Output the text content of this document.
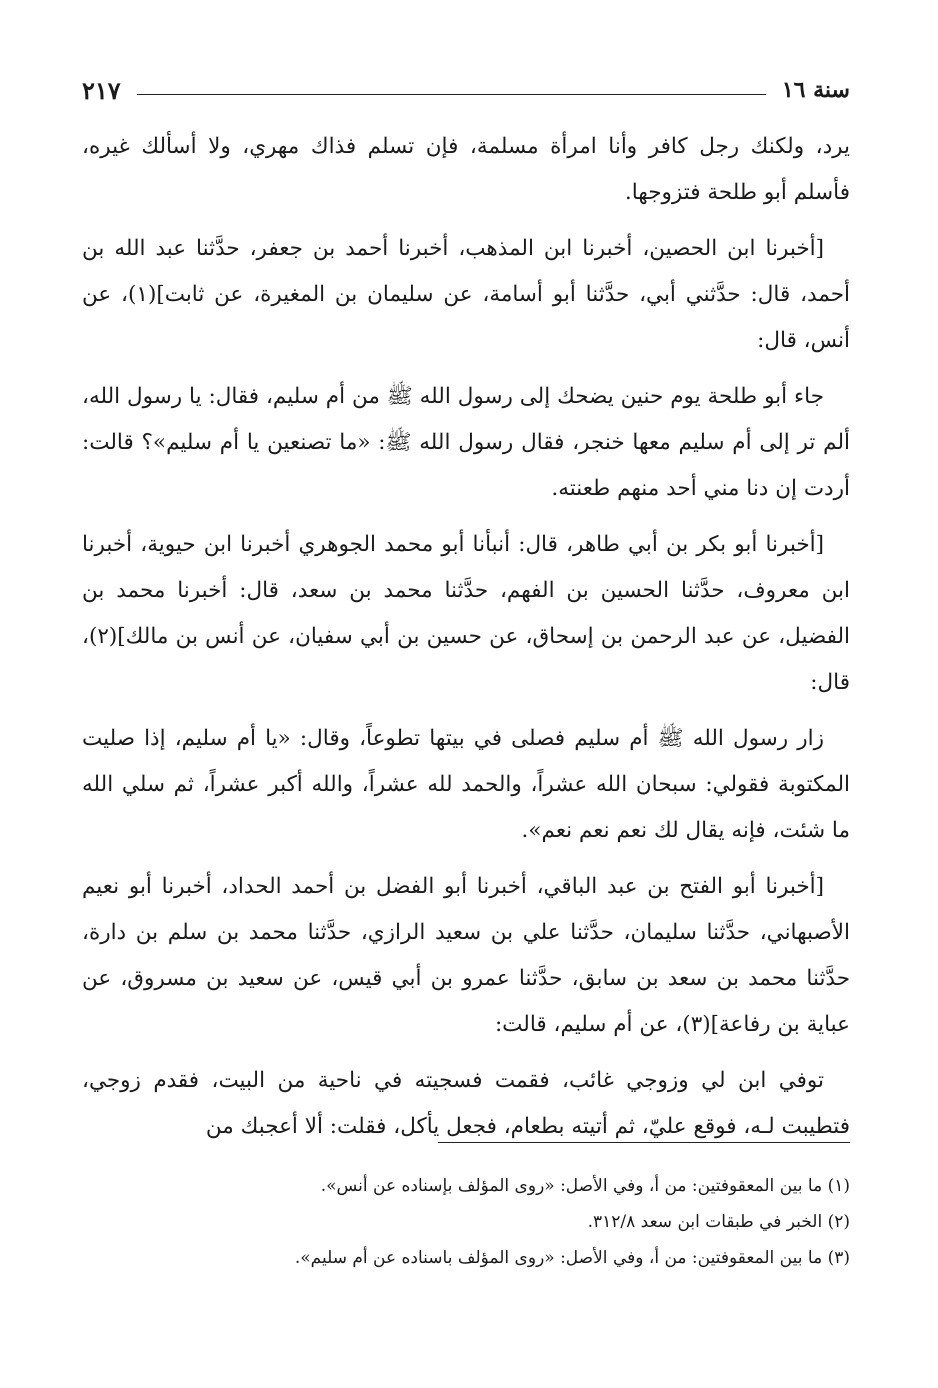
سنة ١٦
٢١٧

يرد، ولكنك رجل كافر وأنا امرأة مسلمة، فإن تسلم فذاك مهري، ولا أسألك غيره، فأسلم أبو طلحة فتزوجها.

[أخبرنا ابن الحصين، أخبرنا ابن المذهب، أخبرنا أحمد بن جعفر، حدَّثنا عبد الله بن أحمد، قال: حدَّثني أبي، حدَّثنا أبو أسامة، عن سليمان بن المغيرة، عن ثابت](١)، عن أنس، قال:

جاء أبو طلحة يوم حنين يضحك إلى رسول الله ﷺ من أم سليم، فقال: يا رسول الله، ألم تر إلى أم سليم معها خنجر، فقال رسول الله ﷺ: «ما تصنعين يا أم سليم»؟ قالت: أردت إن دنا مني أحد منهم طعنته.

[أخبرنا أبو بكر بن أبي طاهر، قال: أنبأنا أبو محمد الجوهري أخبرنا ابن حيوية، أخبرنا ابن معروف، حدَّثنا الحسين بن الفهم، حدَّثنا محمد بن سعد، قال: أخبرنا محمد بن الفضيل، عن عبد الرحمن بن إسحاق، عن حسين بن أبي سفيان، عن أنس بن مالك](٢)، قال:

زار رسول الله ﷺ أم سليم فصلى في بيتها تطوعاً، وقال: «يا أم سليم، إذا صليت المكتوبة فقولي: سبحان الله عشراً، والحمد لله عشراً، والله أكبر عشراً، ثم سلي الله ما شئت، فإنه يقال لك نعم نعم نعم».

[أخبرنا أبو الفتح بن عبد الباقي، أخبرنا أبو الفضل بن أحمد الحداد، أخبرنا أبو نعيم الأصبهاني، حدَّثنا سليمان، حدَّثنا علي بن سعيد الرازي، حدَّثنا محمد بن سلم بن دارة، حدَّثنا محمد بن سعد بن سابق، حدَّثنا عمرو بن أبي قيس، عن سعيد بن مسروق، عن عباية بن رفاعة](٣)، عن أم سليم، قالت:

توفي ابن لي وزوجي غائب، فقمت فسجيته في ناحية من البيت، فقدم زوجي، فتطيبت لـه، فوقع عليّ، ثم أتيته بطعام، فجعل يأكل، فقلت: ألا أعجبك من

(١) ما بين المعقوفتين: من أ، وفي الأصل: «روى المؤلف بإسناده عن أنس».

(٢) الخبر في طبقات ابن سعد ٣١٢/٨.

(٣) ما بين المعقوفتين: من أ، وفي الأصل: «روى المؤلف باسناده عن أم سليم».
